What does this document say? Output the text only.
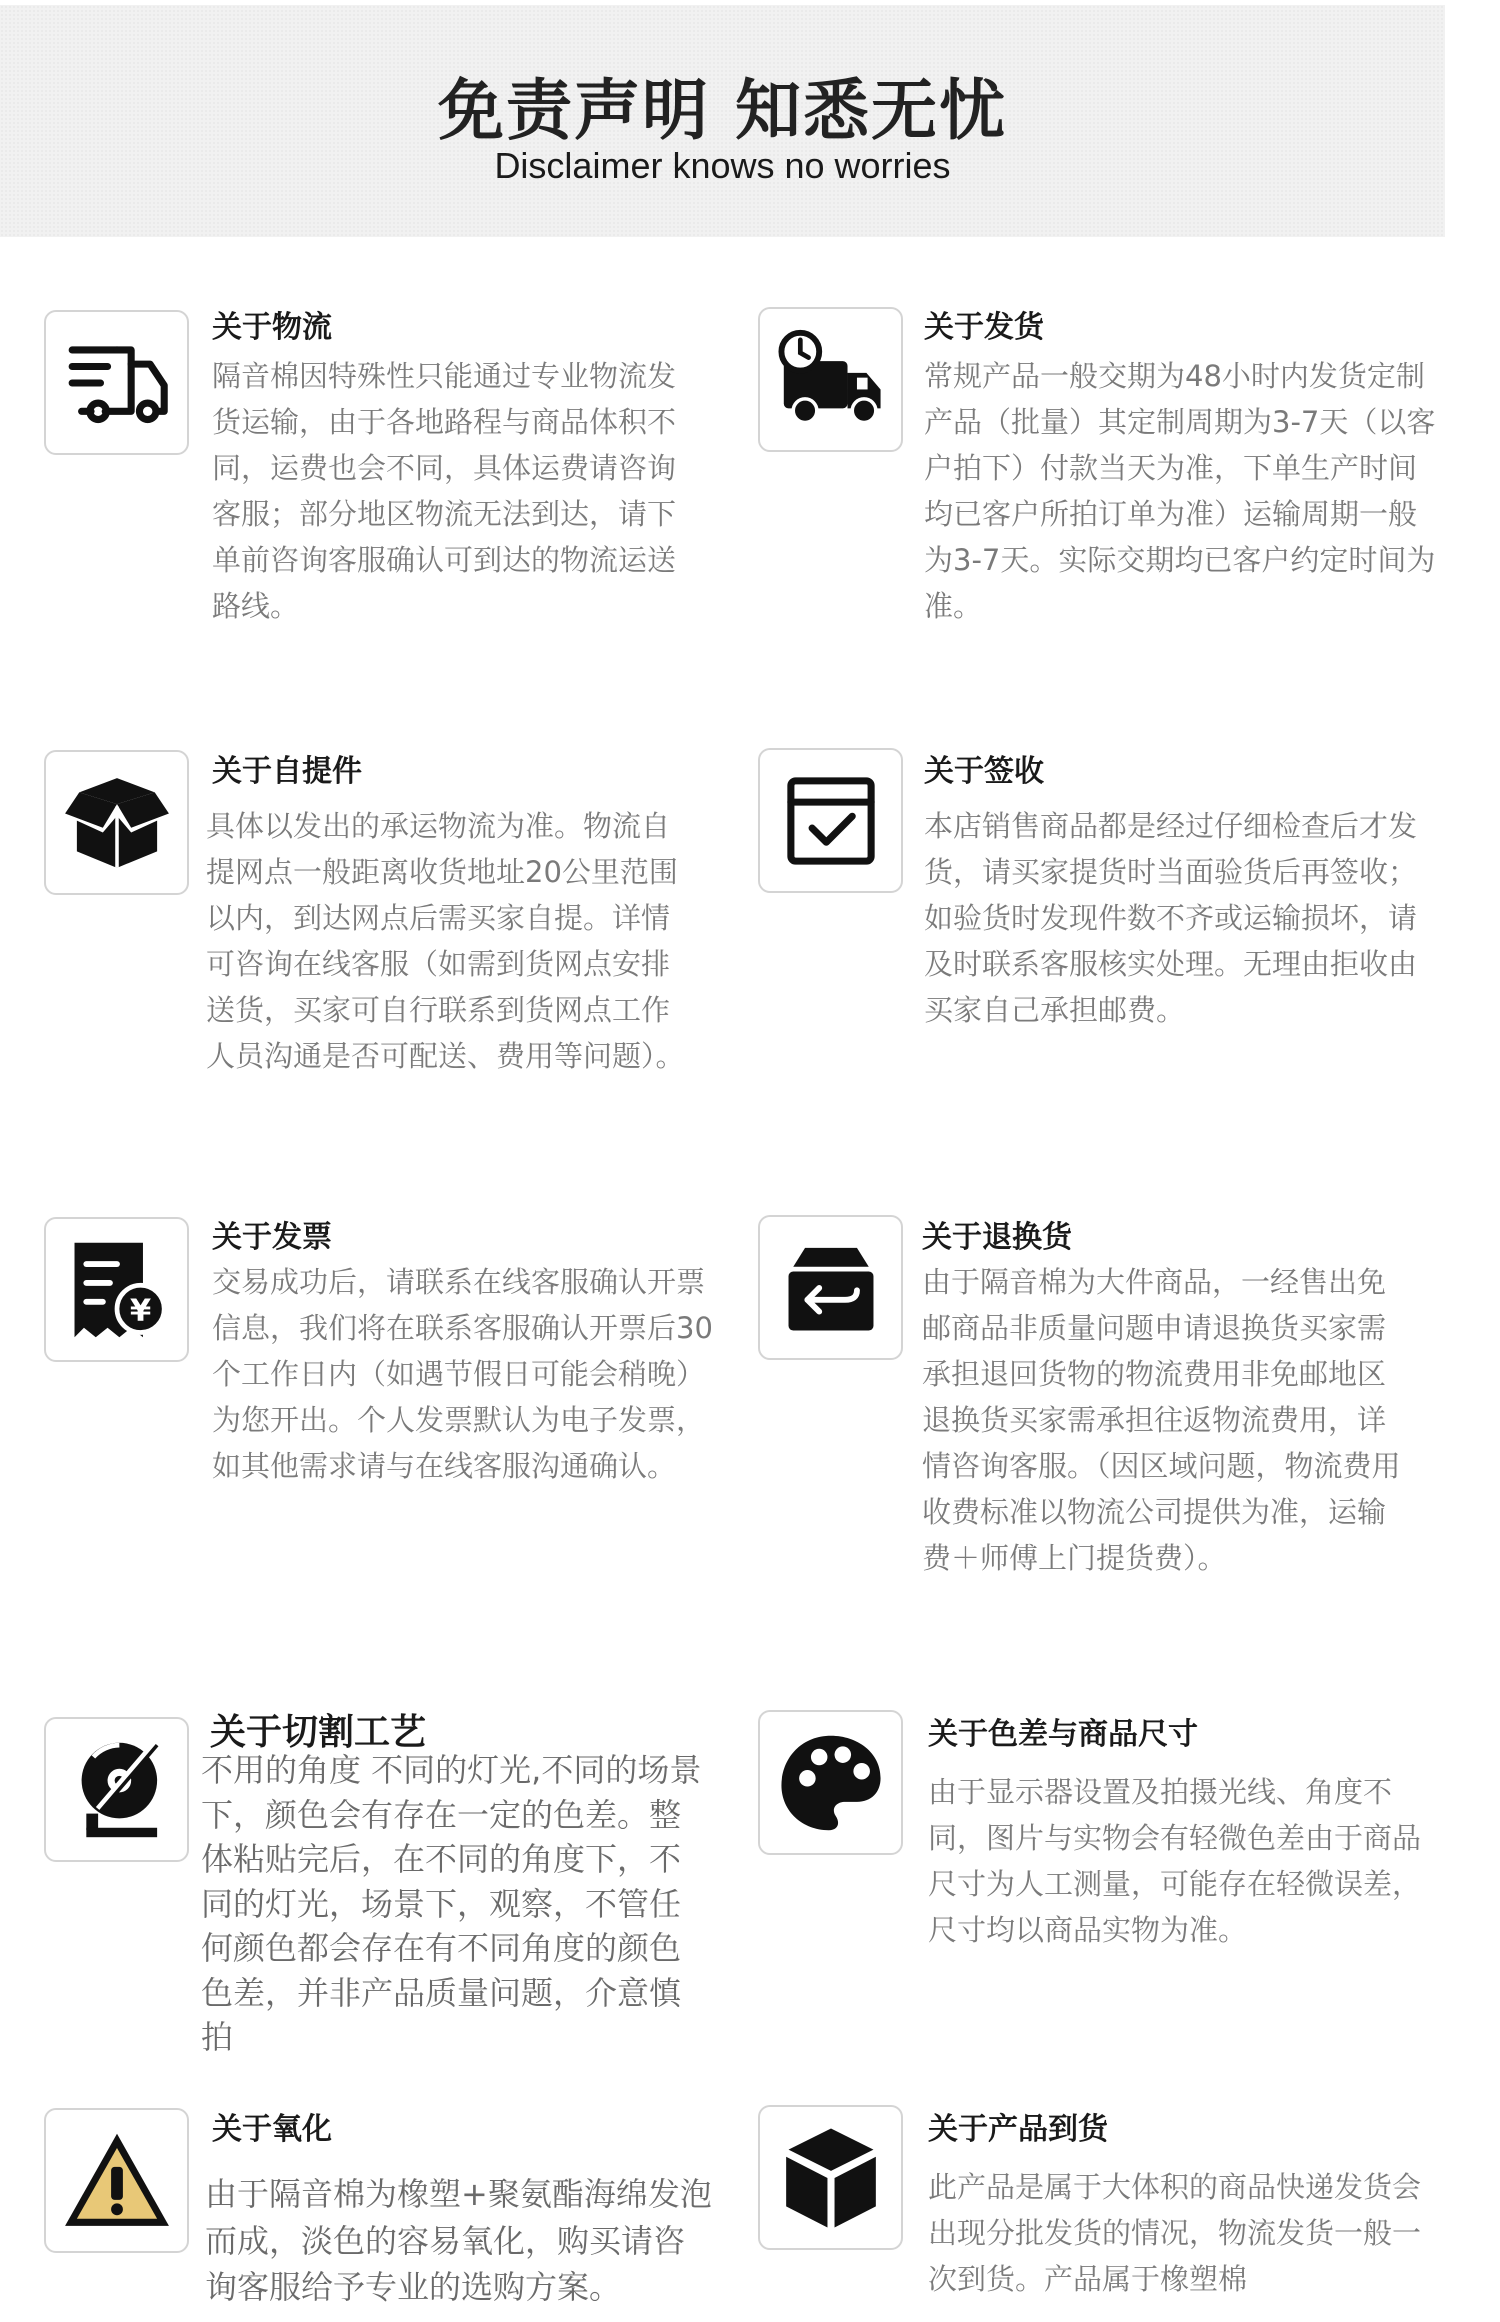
免责声明 知悉无忧
Disclaimer knows no worries
关于物流
隔音棉因特殊性只能通过专业物流发货运输，由于各地路程与商品体积不同，运费也会不同，具体运费请咨询客服；部分地区物流无法到达，请下单前咨询客服确认可到达的物流运送路线。
关于发货
常规产品一般交期为48小时内发货定制产品（批量）其定制周期为3-7天（以客户拍下）付款当天为准，下单生产时间均已客户所拍订单为准）运输周期一般为3-7天。实际交期均已客户约定时间为准。
关于自提件
具体以发出的承运物流为准。物流自提网点一般距离收货地址20公里范围以内，到达网点后需买家自提。详情可咨询在线客服（如需到货网点安排送货，买家可自行联系到货网点工作人员沟通是否可配送、费用等问题）。
关于签收
本店销售商品都是经过仔细检查后才发货，请买家提货时当面验货后再签收；如验货时发现件数不齐或运输损坏，请及时联系客服核实处理。无理由拒收由买家自己承担邮费。
¥
关于发票
交易成功后，请联系在线客服确认开票信息，我们将在联系客服确认开票后30个工作日内（如遇节假日可能会稍晚）为您开出。个人发票默认为电子发票，如其他需求请与在线客服沟通确认。
关于退换货
由于隔音棉为大件商品，一经售出免邮商品非质量问题申请退换货买家需承担退回货物的物流费用非免邮地区退换货买家需承担往返物流费用，详情咨询客服。（因区域问题，物流费用收费标准以物流公司提供为准，运输费＋师傅上门提货费）。
关于切割工艺
不用的角度 不同的灯光,不同的场景下，颜色会有存在一定的色差。整体粘贴完后，在不同的角度下，不同的灯光，场景下，观察，不管任何颜色都会存在有不同角度的颜色色差，并非产品质量问题，介意慎拍
关于色差与商品尺寸
由于显示器设置及拍摄光线、角度不同，图片与实物会有轻微色差由于商品尺寸为人工测量，可能存在轻微误差，尺寸均以商品实物为准。
关于氧化
由于隔音棉为橡塑+聚氨酯海绵发泡而成，淡色的容易氧化，购买请咨询客服给予专业的选购方案。
关于产品到货
此产品是属于大体积的商品快递发货会出现分批发货的情况，物流发货一般一次到货。产品属于橡塑棉
